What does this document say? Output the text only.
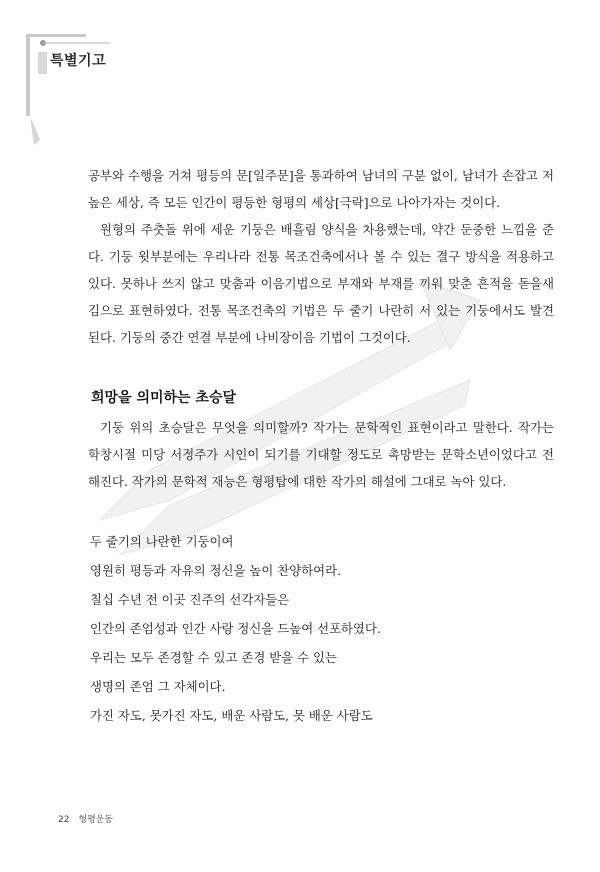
특별기고

공부와 수행을 거쳐 평등의 문[일주문]을 통과하여 남녀의 구분 없이, 남녀가 손잡고 저 높은 세상, 즉 모든 인간이 평등한 형평의 세상[극락]으로 나아가자는 것이다.

원형의 주춧돌 위에 세운 기둥은 배흘림 양식을 차용했는데, 약간 둔중한 느낌을 준다. 기둥 윗부분에는 우리나라 전통 목조건축에서나 볼 수 있는 결구 방식을 적용하고 있다. 못하나 쓰지 않고 맞춤과 이음기법으로 부재와 부재를 끼워 맞춘 흔적을 돋을새김으로 표현하였다. 전통 목조건축의 기법은 두 줄기 나란히 서 있는 기둥에서도 발견된다. 기둥의 중간 연결 부분에 나비장이음 기법이 그것이다.

희망을 의미하는 초승달

기둥 위의 초승달은 무엇을 의미할까? 작가는 문학적인 표현이라고 말한다. 작가는 학창시절 미당 서정주가 시인이 되기를 기대할 정도로 촉망받는 문학소년이었다고 전해진다. 작가의 문학적 재능은 형평탑에 대한 작가의 해설에 그대로 녹아 있다.

두 줄기의 나란한 기둥이여
영원히 평등과 자유의 정신을 높이 찬양하여라.
칠십 수년 전 이곳 진주의 선각자들은
인간의 존엄성과 인간 사랑 정신을 드높여 선포하였다.
우리는 모두 존경할 수 있고 존경 받을 수 있는
생명의 존엄 그 자체이다.
가진 자도, 못가진 자도, 배운 사람도, 못 배운 사람도
22 형평운동
